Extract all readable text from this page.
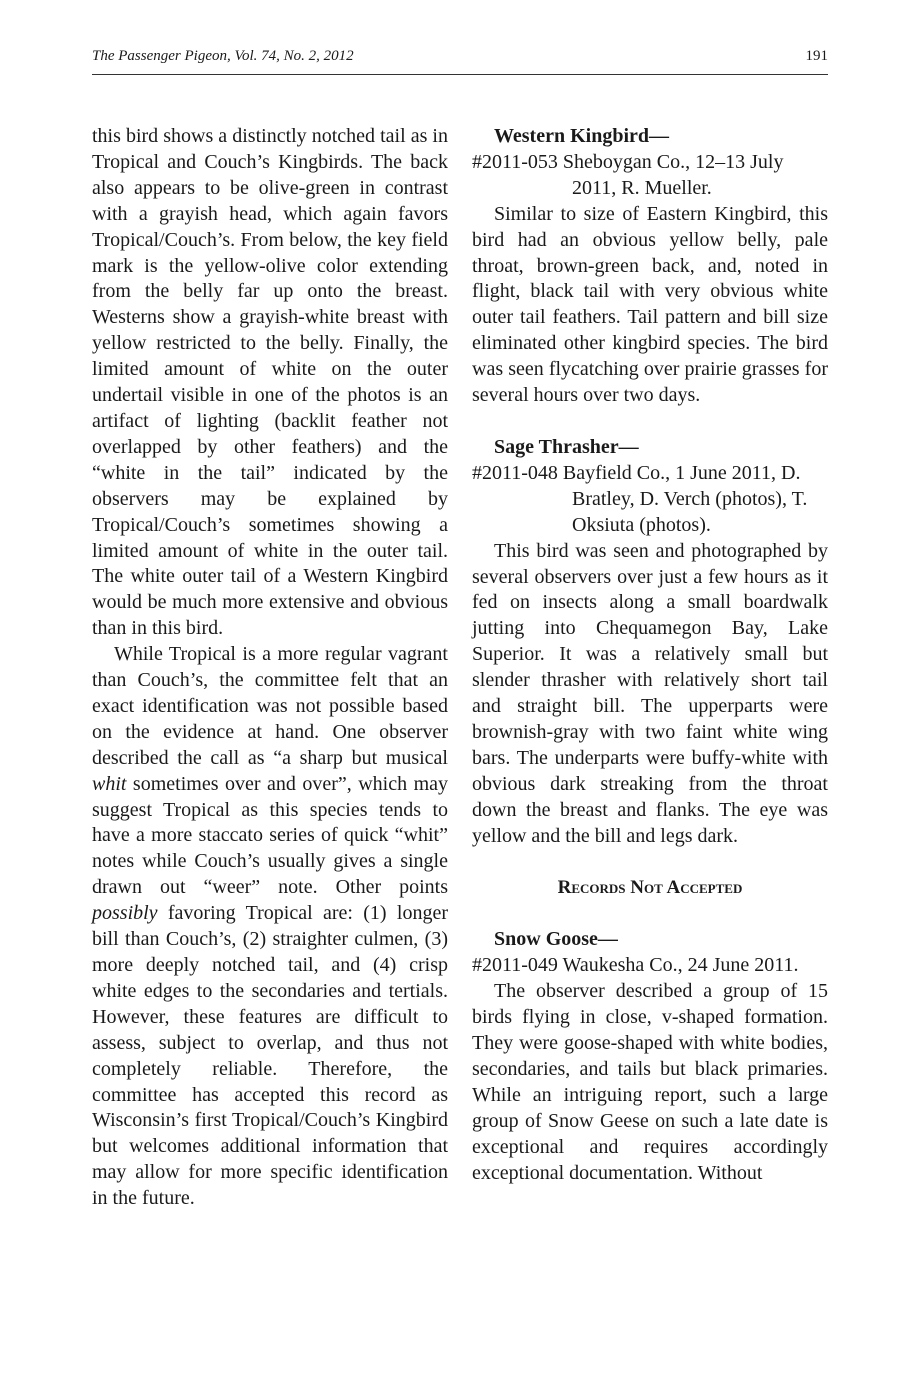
The Passenger Pigeon, Vol. 74, No. 2, 2012	191

this bird shows a distinctly notched tail as in Tropical and Couch’s Kingbirds. The back also appears to be olive-green in contrast with a grayish head, which again favors Tropical/Couch’s. From below, the key field mark is the yellow-olive color extending from the belly far up onto the breast. Westerns show a grayish-white breast with yellow restricted to the belly. Finally, the limited amount of white on the outer undertail visible in one of the photos is an artifact of lighting (backlit feather not overlapped by other feathers) and the “white in the tail” indicated by the observers may be explained by Tropical/Couch’s sometimes showing a limited amount of white in the outer tail. The white outer tail of a Western Kingbird would be much more extensive and obvious than in this bird.

While Tropical is a more regular vagrant than Couch’s, the committee felt that an exact identification was not possible based on the evidence at hand. One observer described the call as “a sharp but musical whit sometimes over and over”, which may suggest Tropical as this species tends to have a more staccato series of quick “whit” notes while Couch’s usually gives a single drawn out “weer” note. Other points possibly favoring Tropical are: (1) longer bill than Couch’s, (2) straighter culmen, (3) more deeply notched tail, and (4) crisp white edges to the secondaries and tertials. However, these features are difficult to assess, subject to overlap, and thus not completely reliable. Therefore, the committee has accepted this record as Wisconsin’s first Tropical/Couch’s Kingbird but welcomes additional information that may allow for more specific identification in the future.

Western Kingbird—
#2011-053 Sheboygan Co., 12–13 July 2011, R. Mueller.

Similar to size of Eastern Kingbird, this bird had an obvious yellow belly, pale throat, brown-green back, and, noted in flight, black tail with very obvious white outer tail feathers. Tail pattern and bill size eliminated other kingbird species. The bird was seen flycatching over prairie grasses for several hours over two days.

Sage Thrasher—
#2011-048 Bayfield Co., 1 June 2011, D. Bratley, D. Verch (photos), T. Oksiuta (photos).

This bird was seen and photographed by several observers over just a few hours as it fed on insects along a small boardwalk jutting into Chequamegon Bay, Lake Superior. It was a relatively small but slender thrasher with relatively short tail and straight bill. The upperparts were brownish-gray with two faint white wing bars. The underparts were buffy-white with obvious dark streaking from the throat down the breast and flanks. The eye was yellow and the bill and legs dark.

Records Not Accepted
Snow Goose—
#2011-049 Waukesha Co., 24 June 2011.

The observer described a group of 15 birds flying in close, v-shaped formation. They were goose-shaped with white bodies, secondaries, and tails but black primaries. While an intriguing report, such a large group of Snow Geese on such a late date is exceptional and requires accordingly exceptional documentation. Without
